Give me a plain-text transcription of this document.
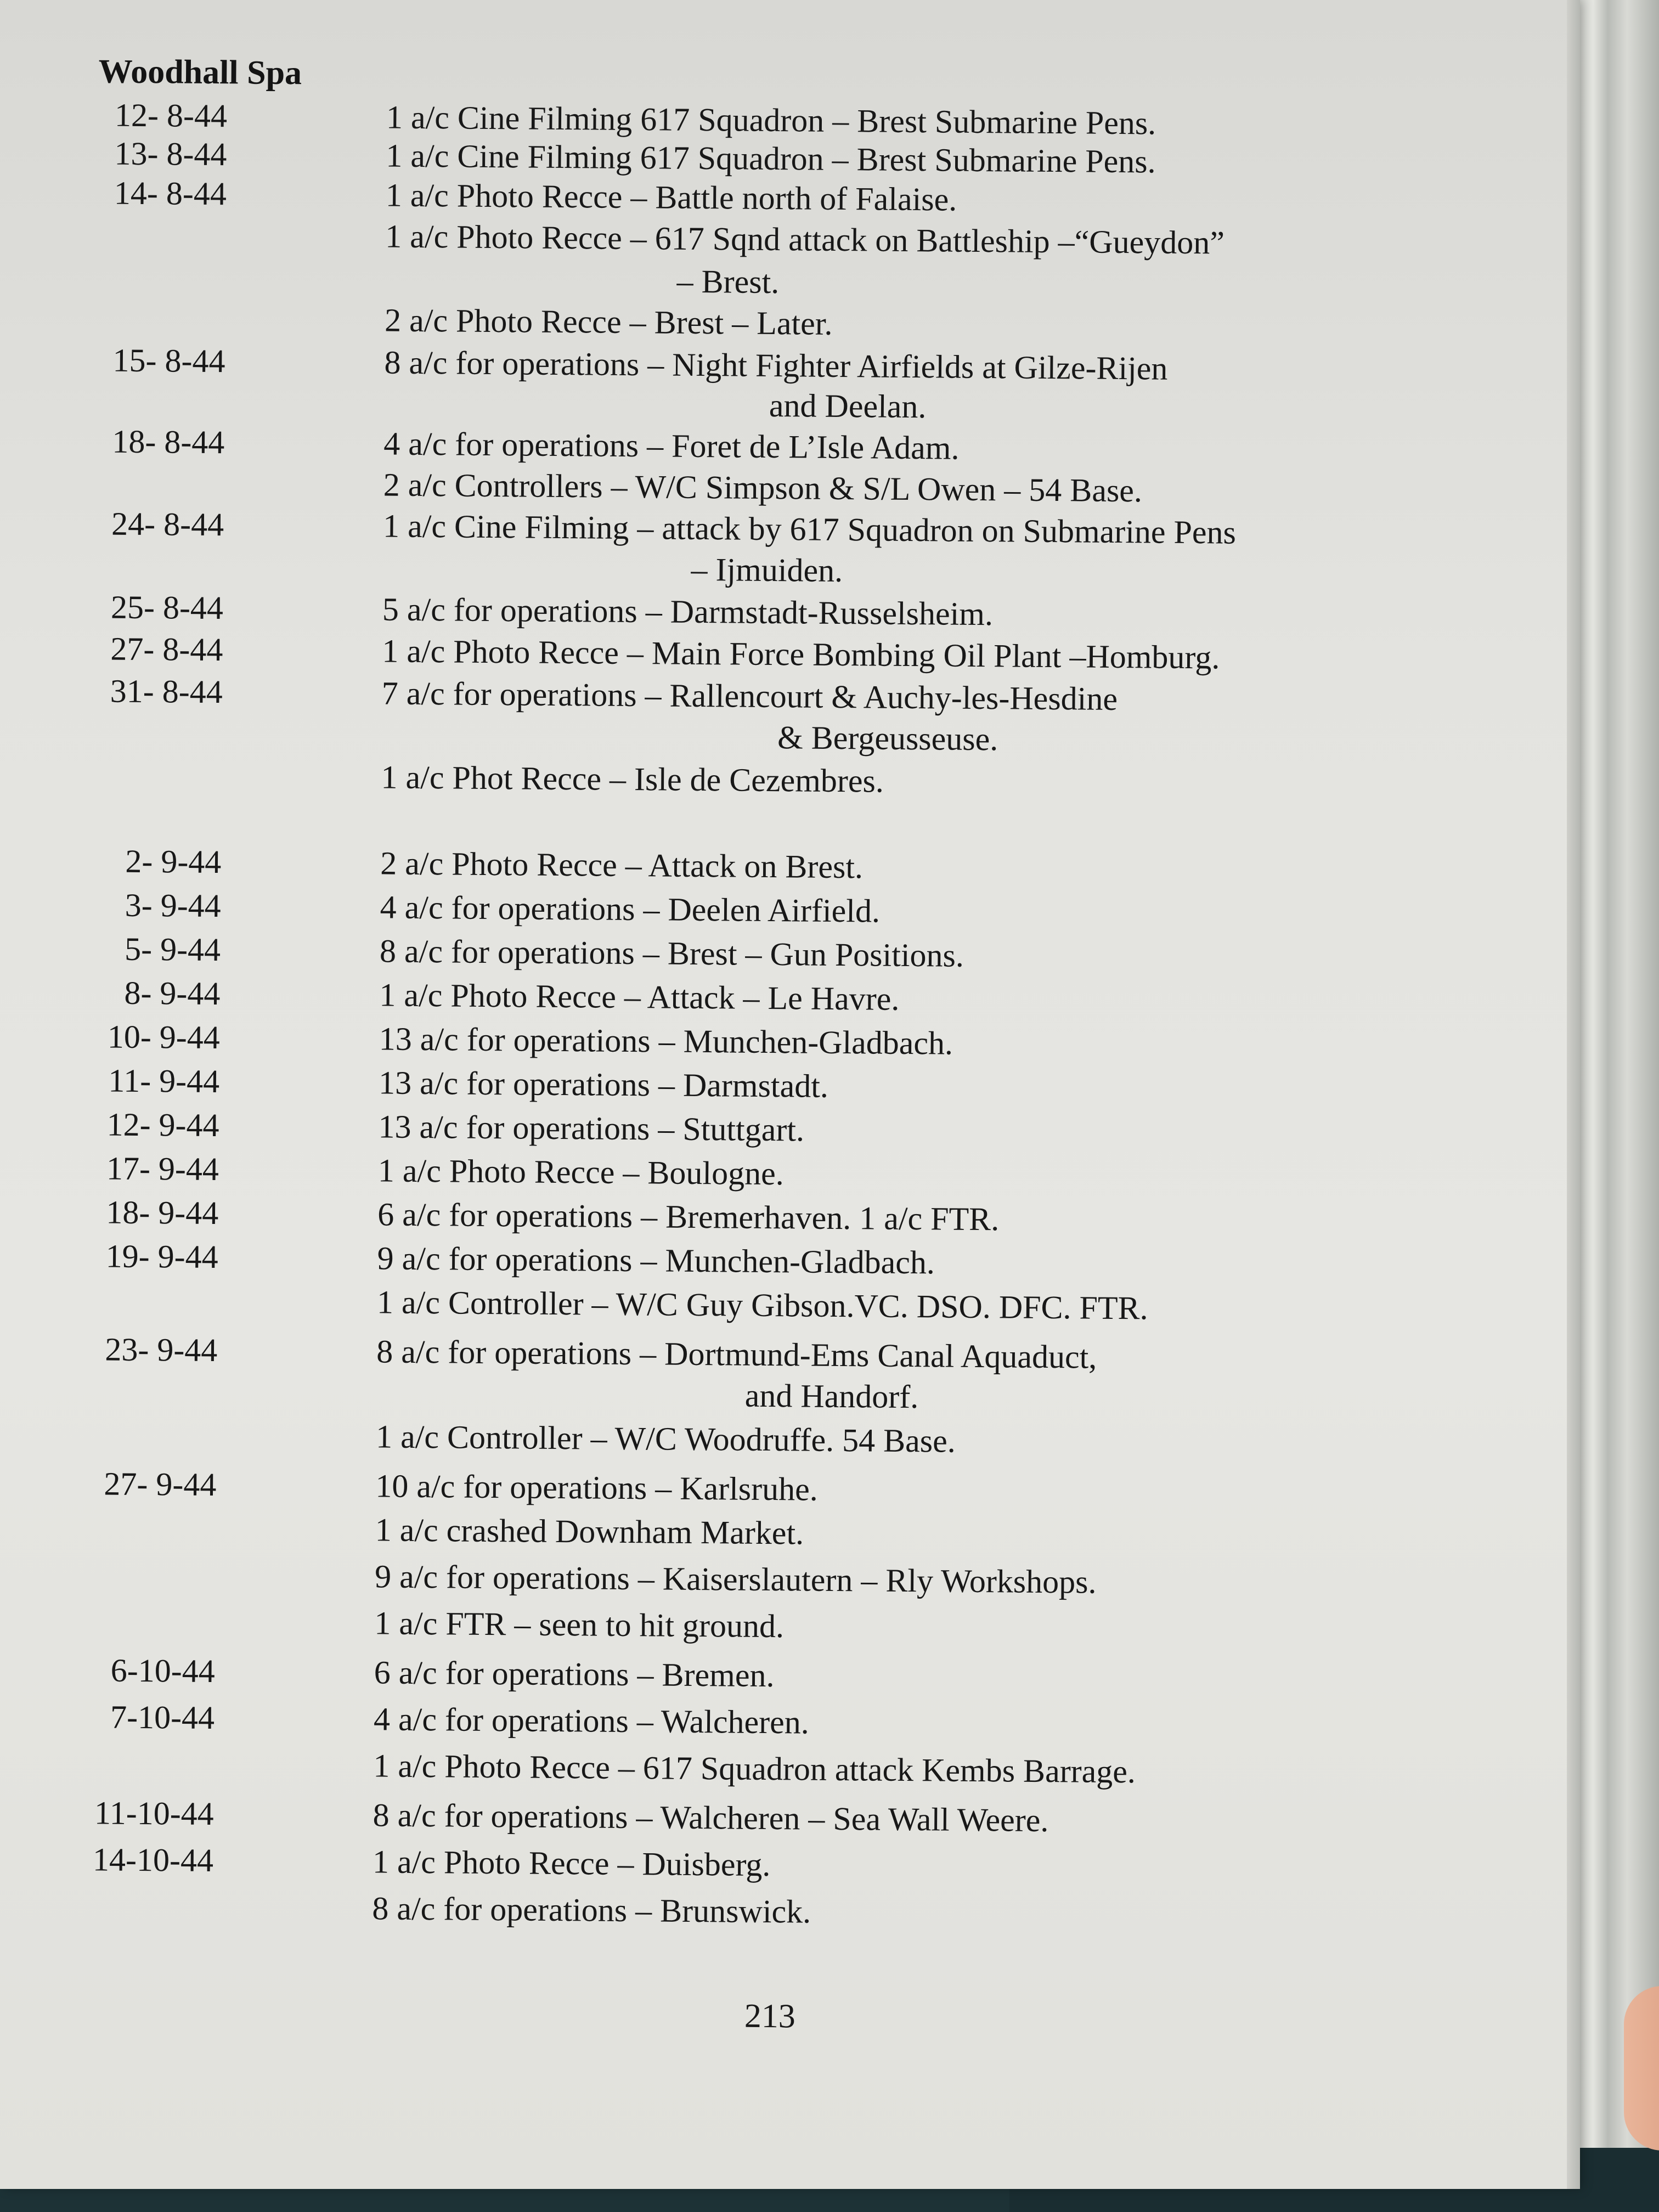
Woodhall Spa
12- 8-44	1 a/c Cine Filming 617 Squadron – Brest Submarine Pens.
13- 8-44	1 a/c Cine Filming 617 Squadron – Brest Submarine Pens.
14- 8-44	1 a/c Photo Recce – Battle north of Falaise.
1 a/c Photo Recce – 617 Sqnd attack on Battleship –“Gueydon”
– Brest.
2 a/c Photo Recce – Brest – Later.
15- 8-44	8 a/c for operations – Night Fighter Airfields at Gilze-Rijen
and Deelan.
18- 8-44	4 a/c for operations – Foret de L’Isle Adam.
2 a/c Controllers – W/C Simpson & S/L Owen – 54 Base.
24- 8-44	1 a/c Cine Filming – attack by 617 Squadron on Submarine Pens
– Ijmuiden.
25- 8-44	5 a/c for operations – Darmstadt-Russelsheim.
27- 8-44	1 a/c Photo Recce – Main Force Bombing Oil Plant –Homburg.
31- 8-44	7 a/c for operations – Rallencourt & Auchy-les-Hesdine
& Bergeusseuse.
1 a/c Phot Recce – Isle de Cezembres.
2- 9-44	2 a/c Photo Recce – Attack on Brest.
3- 9-44	4 a/c for operations – Deelen Airfield.
5- 9-44	8 a/c for operations – Brest – Gun Positions.
8- 9-44	1 a/c Photo Recce – Attack – Le Havre.
10- 9-44	13 a/c for operations – Munchen-Gladbach.
11- 9-44	13 a/c for operations – Darmstadt.
12- 9-44	13 a/c for operations – Stuttgart.
17- 9-44	1 a/c Photo Recce – Boulogne.
18- 9-44	6 a/c for operations – Bremerhaven. 1 a/c FTR.
19- 9-44	9 a/c for operations – Munchen-Gladbach.
1 a/c Controller – W/C Guy Gibson.VC. DSO. DFC. FTR.
23- 9-44	8 a/c for operations – Dortmund-Ems Canal Aquaduct,
and Handorf.
1 a/c Controller – W/C Woodruffe. 54 Base.
27- 9-44	10 a/c for operations – Karlsruhe.
1 a/c crashed Downham Market.
9 a/c for operations – Kaiserslautern – Rly Workshops.
1 a/c FTR – seen to hit ground.
6-10-44	6 a/c for operations – Bremen.
7-10-44	4 a/c for operations – Walcheren.
1 a/c Photo Recce – 617 Squadron attack Kembs Barrage.
11-10-44	8 a/c for operations – Walcheren – Sea Wall Weere.
14-10-44	1 a/c Photo Recce – Duisberg.
8 a/c for operations – Brunswick.
213
